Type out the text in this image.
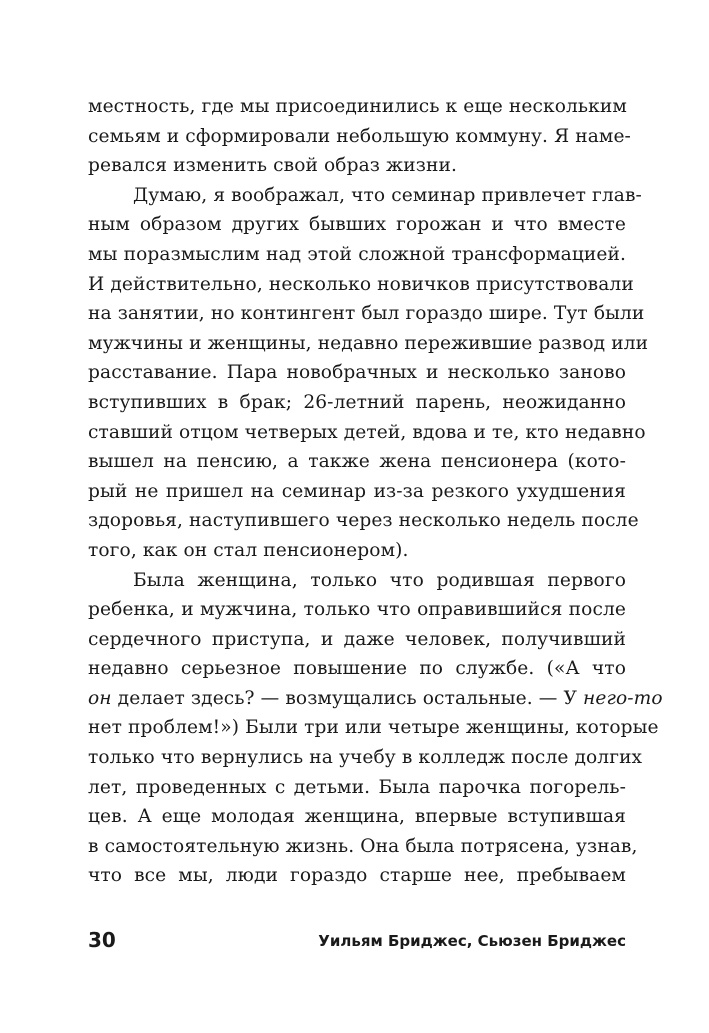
местность, где мы присоединились к еще нескольким
семьям и сформировали небольшую коммуну. Я наме-
ревался изменить свой образ жизни.
Думаю, я воображал, что семинар привлечет глав-
ным образом других бывших горожан и что вместе
мы поразмыслим над этой сложной трансформацией.
И действительно, несколько новичков присутствовали
на занятии, но контингент был гораздо шире. Тут были
мужчины и женщины, недавно пережившие развод или
расставание. Пара новобрачных и несколько заново
вступивших в брак; 26-летний парень, неожиданно
ставший отцом четверых детей, вдова и те, кто недавно
вышел на пенсию, а также жена пенсионера (кото-
рый не пришел на семинар из-за резкого ухудшения
здоровья, наступившего через несколько недель после
того, как он стал пенсионером).
Была женщина, только что родившая первого
ребенка, и мужчина, только что оправившийся после
сердечного приступа, и даже человек, получивший
недавно серьезное повышение по службе. («А что
он делает здесь? — возмущались остальные. — У него-то
нет проблем!») Были три или четыре женщины, которые
только что вернулись на учебу в колледж после долгих
лет, проведенных с детьми. Была парочка погорель-
цев. А еще молодая женщина, впервые вступившая
в самостоятельную жизнь. Она была потрясена, узнав,
что все мы, люди гораздо старше нее, пребываем
30	Уильям Бриджес, Сьюзен Бриджес
